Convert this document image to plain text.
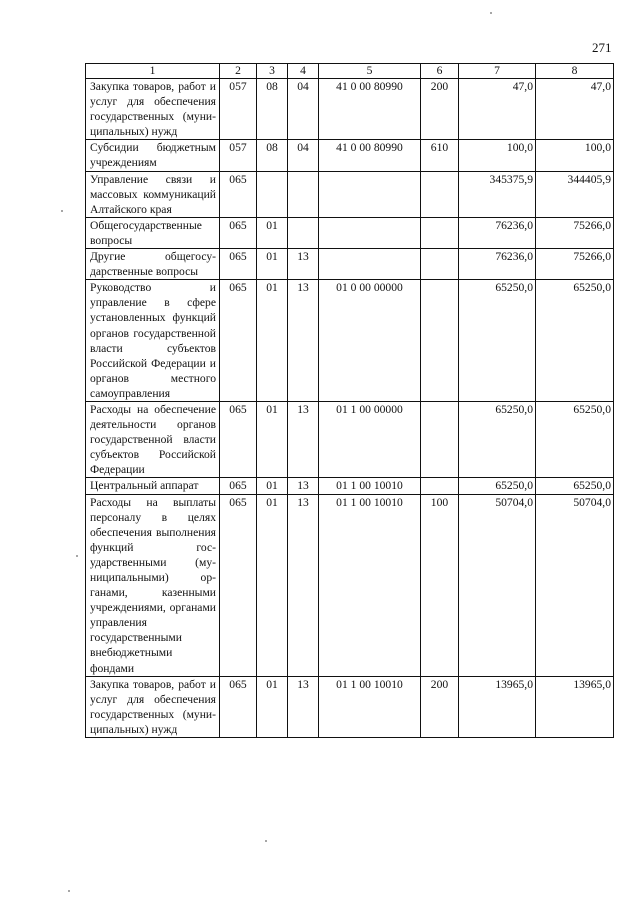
271
1	2	3	4	5	6	7	8
Закупка товаров, работ и услуг для обеспечения государственных (муниципальных) нужд	057	08	04	41 0 00 80990	200	47,0	47,0
Субсидии бюджетным учреждениям	057	08	04	41 0 00 80990	610	100,0	100,0
Управление связи и массовых коммуникаций Алтайского края	065					345375,9	344405,9
Общегосударственные вопросы	065	01				76236,0	75266,0
Другие общегосударственные вопросы	065	01	13			76236,0	75266,0
Руководство и управление в сфере установленных функций органов государственной власти субъектов Российской Федерации и органов местного самоуправления	065	01	13	01 0 00 00000		65250,0	65250,0
Расходы на обеспечение деятельности органов государственной власти субъектов Российской Федерации	065	01	13	01 1 00 00000		65250,0	65250,0
Центральный аппарат	065	01	13	01 1 00 10010		65250,0	65250,0
Расходы на выплаты персоналу в целях обеспечения выполнения функций государственными (муниципальными) органами, казенными учреждениями, органами управления государственными внебюджетными фондами	065	01	13	01 1 00 10010	100	50704,0	50704,0
Закупка товаров, работ и услуг для обеспечения государственных (муниципальных) нужд	065	01	13	01 1 00 10010	200	13965,0	13965,0
